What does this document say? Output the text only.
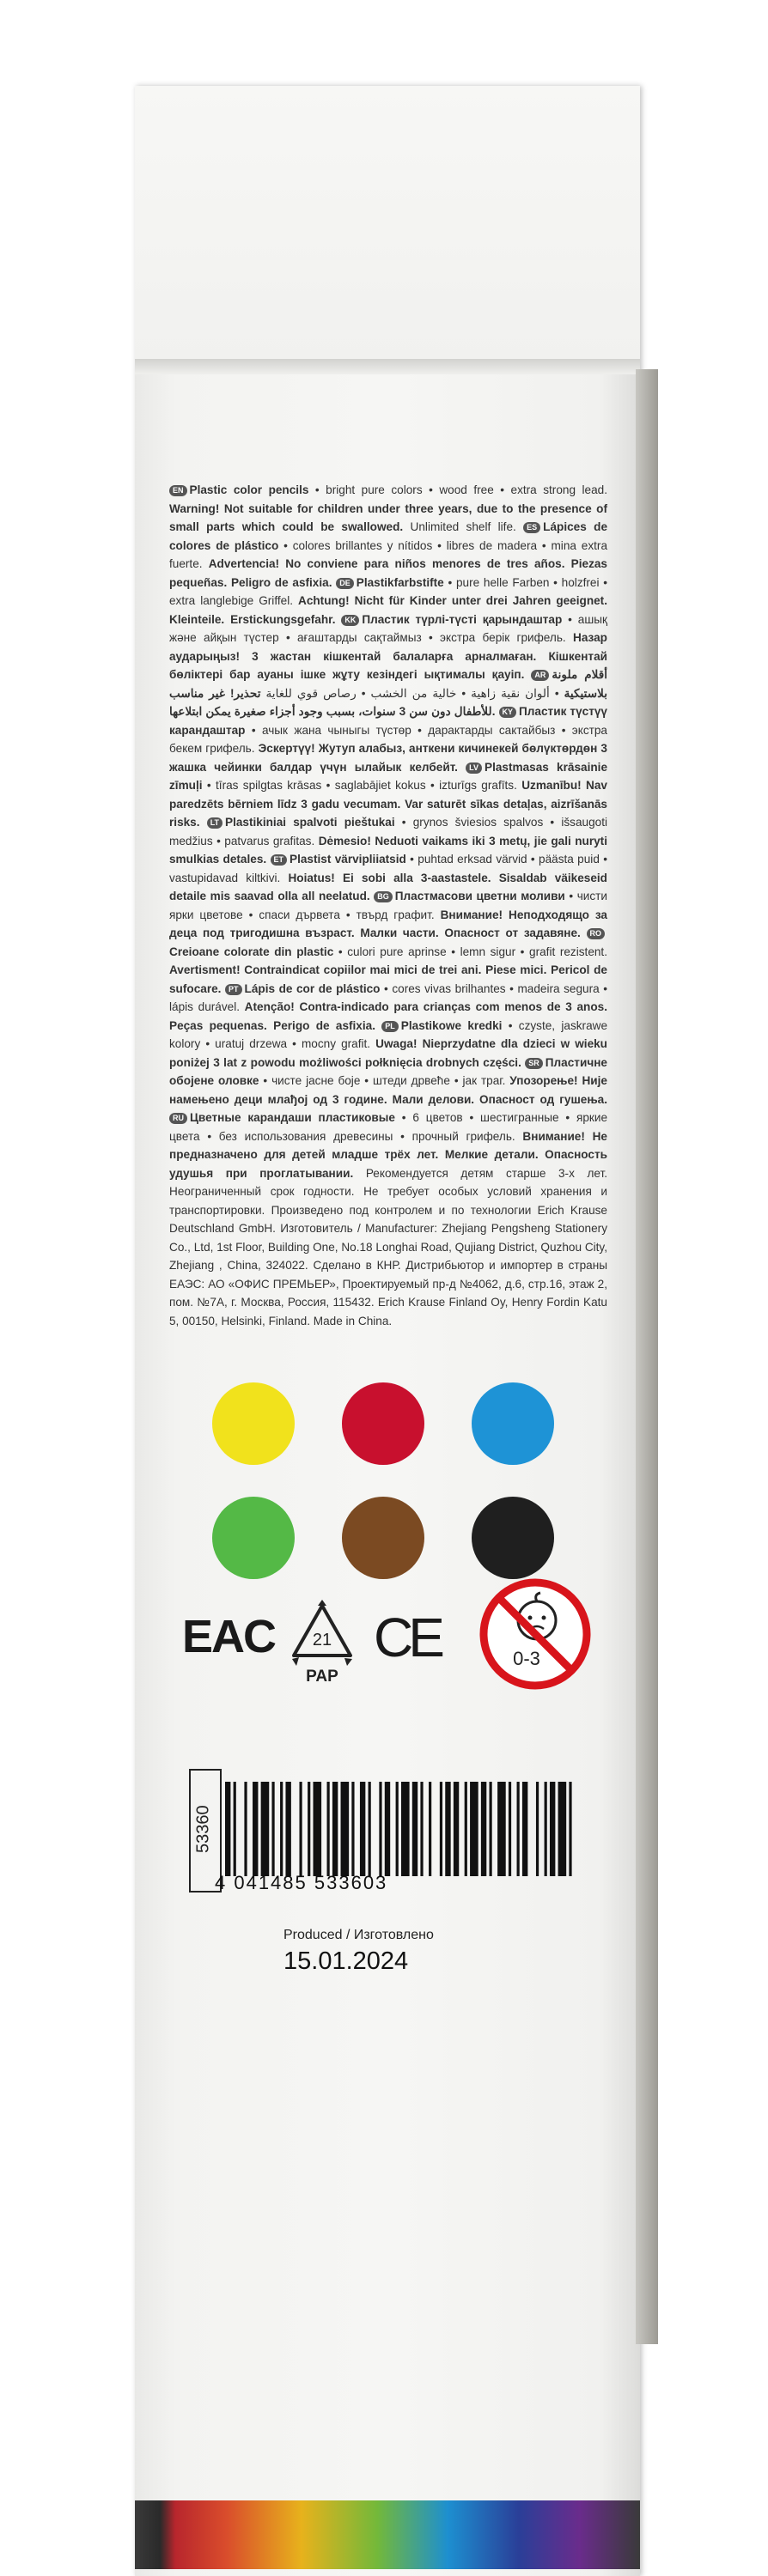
EN Plastic color pencils • bright pure colors • wood free • extra strong lead. Warning! Not suitable for children under three years, due to the presence of small parts which could be swallowed. Unlimited shelf life. ES Lápices de colores de plástico • colores brillantes y nítidos • libres de madera • mina extra fuerte. Advertencia! No conviene para niños menores de tres años. Piezas pequeñas. Peligro de asfixia. DE Plastikfarbstifte • pure helle Farben • holzfrei • extra langlebige Griffel. Achtung! Nicht für Kinder unter drei Jahren geeignet. Kleinteile. Erstickungsgefahr. KK Пластик түрлі-түсті қарындаштар • ашық және айқын түстер • ағаштарды сақтаймыз • экстра берік грифель. Назар аударыңыз! 3 жастан кішкентай балаларға арналмаған. Кішкентай бөліктері бар ауаны ішке жұту кезіндегі ықтималы қауіп. AR أقلام ملونة بلاستيكية • ألوان نقية زاهية • خالية من الخشب • رصاص قوي للغاية تحذير! غير مناسب للأطفال دون سن 3 سنوات، بسبب وجود أجزاء صغيرة يمكن ابتلاعها. KY Пластик түстүү карандаштар • ачык жана чыныгы түстөр • дарактарды сактайбыз • экстра бекем грифель. Эскертүү! Жутуп алабыз, анткени кичинекей бөлүктөрдөн 3 жашка чейинки балдар үчүн ылайык келбейт. LV Plastmasas krāsainie zīmuļi • tīras spilgtas krāsas • saglabājiet kokus • izturīgs grafīts. Uzmanību! Nav paredzēts bērniem līdz 3 gadu vecumam. Var saturēt sīkas detaļas, aizrīšanās risks. LT Plastikiniai spalvoti pieštukai • grynos šviesios spalvos • išsaugoti medžius • patvarus grafitas. Dėmesio! Neduoti vaikams iki 3 metų, jie gali nuryti smulkias detales. ET Plastist värvipliiatsid • puhtad erksad värvid • päästa puid • vastupidavad kiltkivi. Hoiatus! Ei sobi alla 3-aastastele. Sisaldab väikeseid detaile mis saavad olla all neelatud. BG Пластмасови цветни моливи • чисти ярки цветове • спаси дървета • твърд графит. Внимание! Неподходящо за деца под тригодишна възраст. Малки части. Опасност от задавяне. ROCreioane colorate din plastic • culori pure aprinse • lemn sigur • grafit rezistent. Avertisment! Contraindicat copiilor mai mici de trei ani. Piese mici. Pericol de sufocare. PT Lápis de cor de plástico • cores vivas brilhantes • madeira segura • lápis durável. Atenção! Contra-indicado para crianças com menos de 3 anos. Peças pequenas. Perigo de asfixia. PL Plastikowe kredki • czyste, jaskrawe kolory • uratuj drzewa • mocny grafit. Uwaga! Nieprzydatne dla dzieci w wieku poniżej 3 lat z powodu możliwości połknięcia drobnych części. SR Пластичне обојене оловке • чисте јасне боје • штеди дрвеће • јак траг. Упозорење! Није намењено деци млађој од 3 године. Мали делови. Опасност од гушења. RU Цветные карандаши пластиковые • 6 цветов • шестигранные • яркие цвета • без использования древесины • прочный грифель. Внимание! Не предназначено для детей младше трёх лет. Мелкие детали. Опасность удушья при проглатывании. Рекомендуется детям старше 3-х лет. Неограниченный срок годности. Не требует особых условий хранения и транспортировки. Произведено под контролем и по технологии Erich Krause Deutschland GmbH. Изготовитель / Manufacturer: Zhejiang Pengsheng Stationery Co., Ltd, 1st Floor, Building One, No.18 Longhai Road, Qujiang District, Quzhou City, Zhejiang , China, 324022. Сделано в КНР. Дистрибьютор и импортер в страны ЕАЭС: АО «ОФИС ПРЕМЬЕР», Проектируемый пр-д №4062, д.6, стр.16, этаж 2, пом. №7А, г. Москва, Россия, 115432. Erich Krause Finland Oy, Henry Fordin Katu 5, 00150, Helsinki, Finland. Made in China.

EAC 21
PAP
CE	0-3
53360
4 041485 533603
Produced / Изготовлено
15.01.2024
